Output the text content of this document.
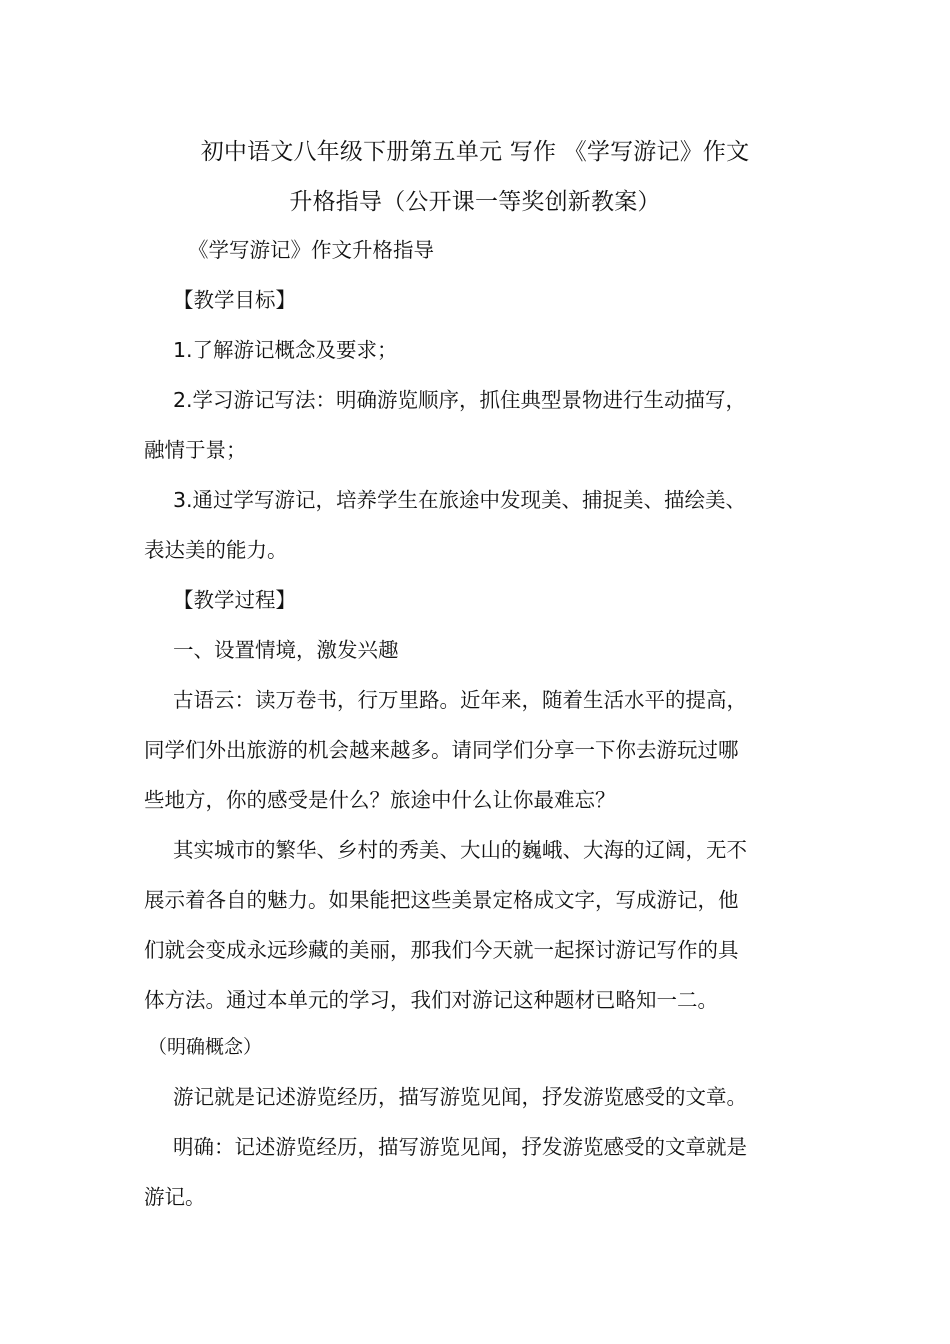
初中语文八年级下册第五单元 写作 《学写游记》作文
升格指导（公开课一等奖创新教案）
《学写游记》作文升格指导
【教学目标】
1.了解游记概念及要求；
2.学习游记写法：明确游览顺序，抓住典型景物进行生动描写，
融情于景；
3.通过学写游记，培养学生在旅途中发现美、捕捉美、描绘美、
表达美的能力。
【教学过程】
一、设置情境，激发兴趣
古语云：读万卷书，行万里路。近年来，随着生活水平的提高，
同学们外出旅游的机会越来越多。请同学们分享一下你去游玩过哪
些地方，你的感受是什么？旅途中什么让你最难忘？
其实城市的繁华、乡村的秀美、大山的巍峨、大海的辽阔，无不
展示着各自的魅力。如果能把这些美景定格成文字，写成游记，他
们就会变成永远珍藏的美丽，那我们今天就一起探讨游记写作的具
体方法。通过本单元的学习，我们对游记这种题材已略知一二。
（明确概念）
游记就是记述游览经历，描写游览见闻，抒发游览感受的文章。
明确：记述游览经历，描写游览见闻，抒发游览感受的文章就是
游记。
